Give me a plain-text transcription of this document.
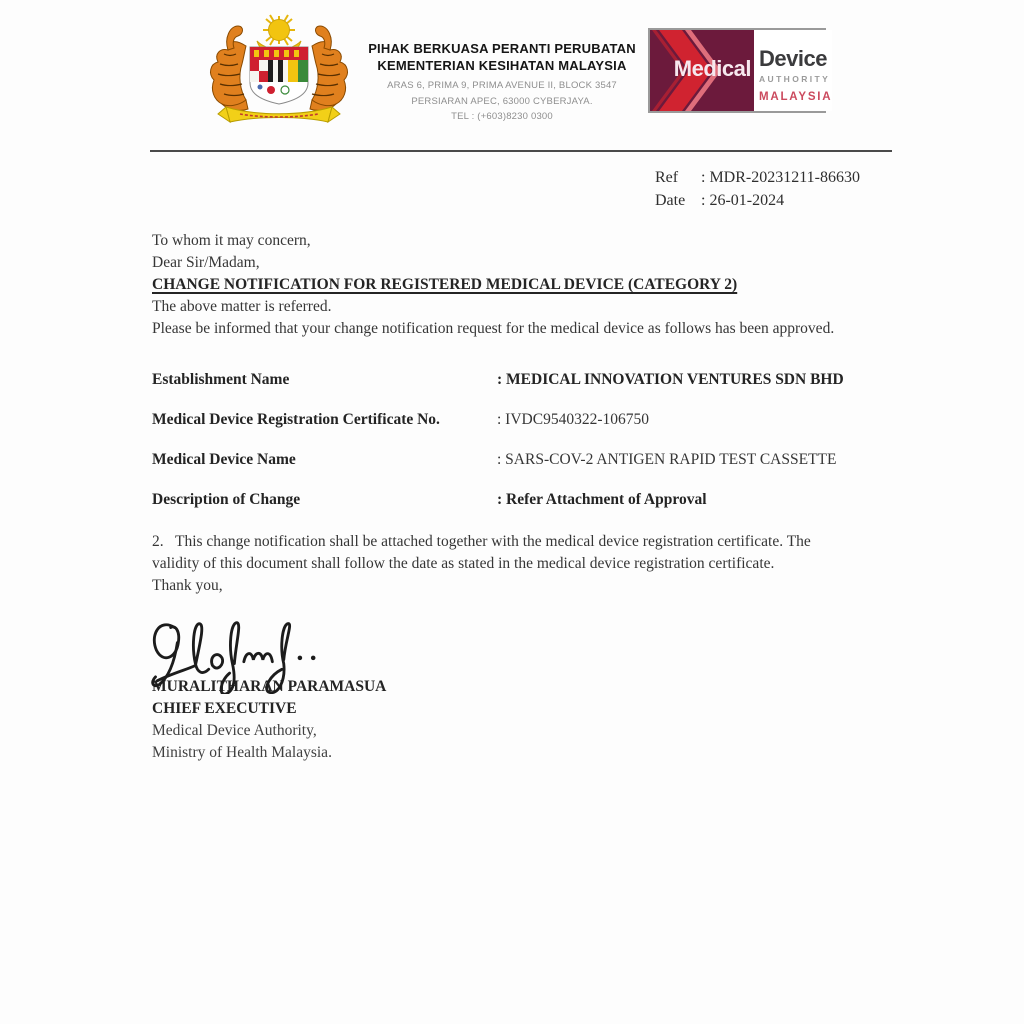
PIHAK BERKUASA PERANTI PERUBATAN
KEMENTERIAN KESIHATAN MALAYSIA
ARAS 6, PRIMA 9, PRIMA AVENUE II, BLOCK 3547
PERSIARAN APEC, 63000 CYBERJAYA.
TEL : (+603)8230 0300
Medical Device
AUTHORITY
MALAYSIA
Ref	: MDR-20231211-86630
Date : 26-01-2024

To whom it may concern,

Dear Sir/Madam,

CHANGE NOTIFICATION FOR REGISTERED MEDICAL DEVICE (CATEGORY 2)

The above matter is referred.

Please be informed that your change notification request for the medical device as follows has been approved.

Establishment Name	: MEDICAL INNOVATION VENTURES SDN BHD
Medical Device Registration Certificate No.	: IVDC9540322-106750
Medical Device Name	: SARS-COV-2 ANTIGEN RAPID TEST CASSETTE
Description of Change	: Refer Attachment of Approval

2.   This change notification shall be attached together with the medical device registration certificate. The validity of this document shall follow the date as stated in the medical device registration certificate.

Thank you,

MURALITHARAN PARAMASUA
CHIEF EXECUTIVE
Medical Device Authority,
Ministry of Health Malaysia.
